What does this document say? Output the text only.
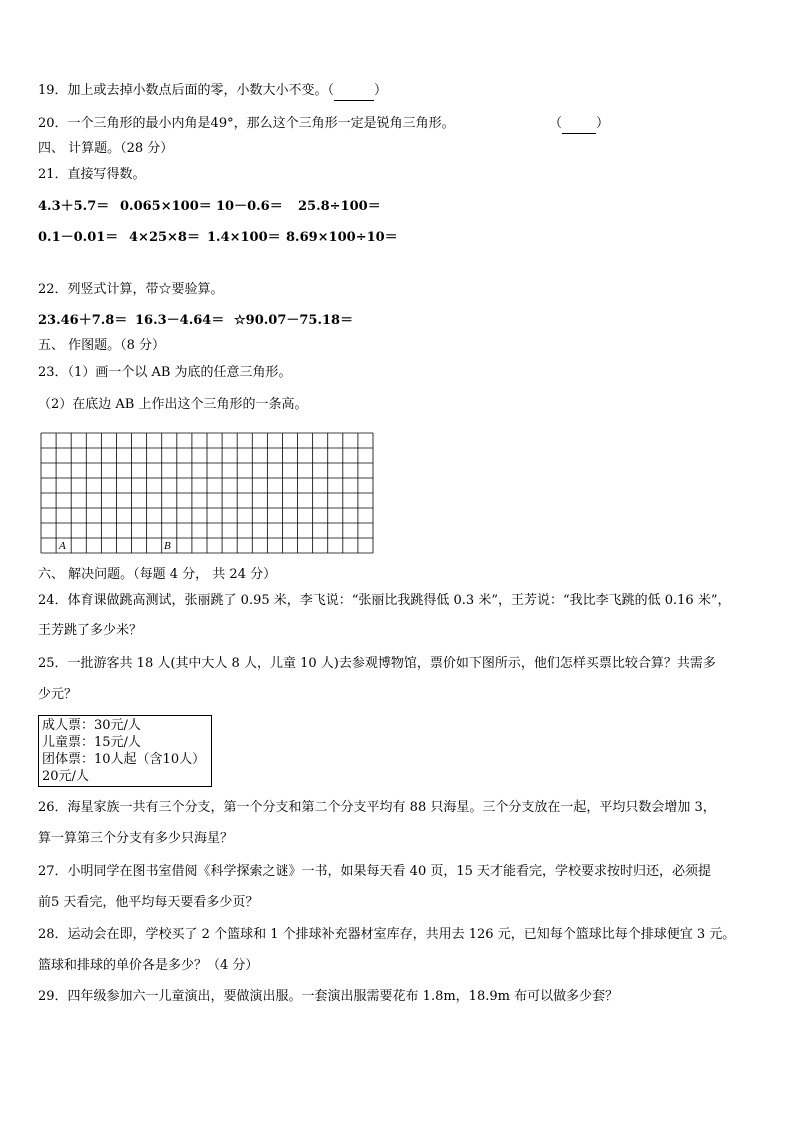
19．加上或去掉小数点后面的零，小数大小不变。（	）
20．一个三角形的最小内角是49°，那么这个三角形一定是锐角三角形。	（	）
四、 计算题。（28 分）
21．直接写得数。
4.3＋5.7＝ 0.065×100＝ 10－0.6＝ 25.8÷100＝
0.1－0.01＝ 4×25×8＝ 1.4×100＝ 8.69×100÷10＝
22．列竖式计算，带☆要验算。
23.46＋7.8＝ 16.3－4.64＝ ☆90.07－75.18＝
五、 作图题。（8 分）
23．（1）画一个以 AB 为底的任意三角形。
（2）在底边 AB 上作出这个三角形的一条高。
A	B
六、 解决问题。（每题 4 分， 共 24 分）
24．体育课做跳高测试，张丽跳了 0.95 米，李飞说：“张丽比我跳得低 0.3 米”，王芳说：“我比李飞跳的低 0.16 米”，
王芳跳了多少米？
25．一批游客共 18 人(其中大人 8 人，儿童 10 人)去参观博物馆，票价如下图所示，他们怎样买票比较合算？共需多
少元？
成人票：30元/人
儿童票：15元/人
团体票：10人起（含10人）
20元/人
26．海星家族一共有三个分支，第一个分支和第二个分支平均有 88 只海星。三个分支放在一起，平均只数会增加 3，
算一算第三个分支有多少只海星？
27．小明同学在图书室借阅《科学探索之谜》一书，如果每天看 40 页，15 天才能看完，学校要求按时归还，必须提
前5 天看完，他平均每天要看多少页？
28．运动会在即，学校买了 2 个篮球和 1 个排球补充器材室库存，共用去 126 元，已知每个篮球比每个排球便宜 3 元。
篮球和排球的单价各是多少？（4 分）
29．四年级参加六一儿童演出，要做演出服。一套演出服需要花布 1.8m，18.9m 布可以做多少套？
